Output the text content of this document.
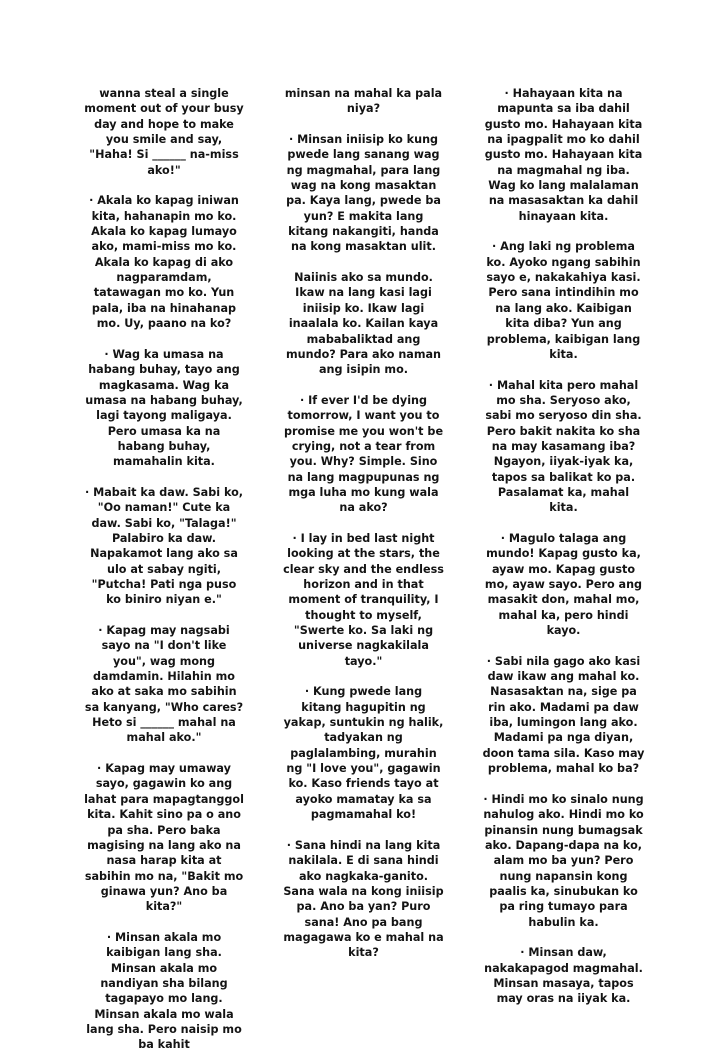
wanna steal a single moment out of your busy day and hope to make you smile and say, "Haha! Si ______ na-miss ako!"

· Akala ko kapag iniwan kita, hahanapin mo ko. Akala ko kapag lumayo ako, mami-miss mo ko. Akala ko kapag di ako nagparamdam, tatawagan mo ko. Yun pala, iba na hinahanap mo. Uy, paano na ko?

· Wag ka umasa na habang buhay, tayo ang magkasama. Wag ka umasa na habang buhay, lagi tayong maligaya. Pero umasa ka na habang buhay, mamahalin kita.

· Mabait ka daw. Sabi ko, "Oo naman!" Cute ka daw. Sabi ko, "Talaga!" Palabiro ka daw. Napakamot lang ako sa ulo at sabay ngiti, "Putcha! Pati nga puso ko biniro niyan e."

· Kapag may nagsabi sayo na "I don't like you", wag mong damdamin. Hilahin mo ako at saka mo sabihin sa kanyang, "Who cares? Heto si ______ mahal na mahal ako."

· Kapag may umaway sayo, gagawin ko ang lahat para mapagtanggol kita. Kahit sino pa o ano pa sha. Pero baka magising na lang ako na nasa harap kita at sabihin mo na, "Bakit mo ginawa yun? Ano ba kita?"

· Minsan akala mo kaibigan lang sha. Minsan akala mo nandiyan sha bilang tagapayo mo lang. Minsan akala mo wala lang sha. Pero naisip mo ba kahit

minsan na mahal ka pala niya?

· Minsan iniisip ko kung pwede lang sanang wag ng magmahal, para lang wag na kong masaktan pa. Kaya lang, pwede ba yun? E makita lang kitang nakangiti, handa na kong masaktan ulit.

Naiinis ako sa mundo. Ikaw na lang kasi lagi iniisip ko. Ikaw lagi inaalala ko. Kailan kaya mababaliktad ang mundo? Para ako naman ang isipin mo.

· If ever I'd be dying tomorrow, I want you to promise me you won't be crying, not a tear from you. Why? Simple. Sino na lang magpupunas ng mga luha mo kung wala na ako?

· I lay in bed last night looking at the stars, the clear sky and the endless horizon and in that moment of tranquility, I thought to myself, "Swerte ko. Sa laki ng universe nagkakilala tayo."

· Kung pwede lang kitang hagupitin ng yakap, suntukin ng halik, tadyakan ng paglalambing, murahin ng "I love you", gagawin ko. Kaso friends tayo at ayoko mamatay ka sa pagmamahal ko!

· Sana hindi na lang kita nakilala. E di sana hindi ako nagkaka-ganito. Sana wala na kong iniisip pa. Ano ba yan? Puro sana! Ano pa bang magagawa ko e mahal na kita?

· Hahayaan kita na mapunta sa iba dahil gusto mo. Hahayaan kita na ipagpalit mo ko dahil gusto mo. Hahayaan kita na magmahal ng iba. Wag ko lang malalaman na masasaktan ka dahil hinayaan kita.

· Ang laki ng problema ko. Ayoko ngang sabihin sayo e, nakakahiya kasi. Pero sana intindihin mo na lang ako. Kaibigan kita diba? Yun ang problema, kaibigan lang kita.

· Mahal kita pero mahal mo sha. Seryoso ako, sabi mo seryoso din sha. Pero bakit nakita ko sha na may kasamang iba? Ngayon, iiyak-iyak ka, tapos sa balikat ko pa. Pasalamat ka, mahal kita.

· Magulo talaga ang mundo! Kapag gusto ka, ayaw mo. Kapag gusto mo, ayaw sayo. Pero ang masakit don, mahal mo, mahal ka, pero hindi kayo.

· Sabi nila gago ako kasi daw ikaw ang mahal ko. Nasasaktan na, sige pa rin ako. Madami pa daw iba, lumingon lang ako. Madami pa nga diyan, doon tama sila. Kaso may problema, mahal ko ba?

· Hindi mo ko sinalo nung nahulog ako. Hindi mo ko pinansin nung bumagsak ako. Dapang-dapa na ko, alam mo ba yun? Pero nung napansin kong paalis ka, sinubukan ko pa ring tumayo para habulin ka.

· Minsan daw, nakakapagod magmahal. Minsan masaya, tapos may oras na iiyak ka.
